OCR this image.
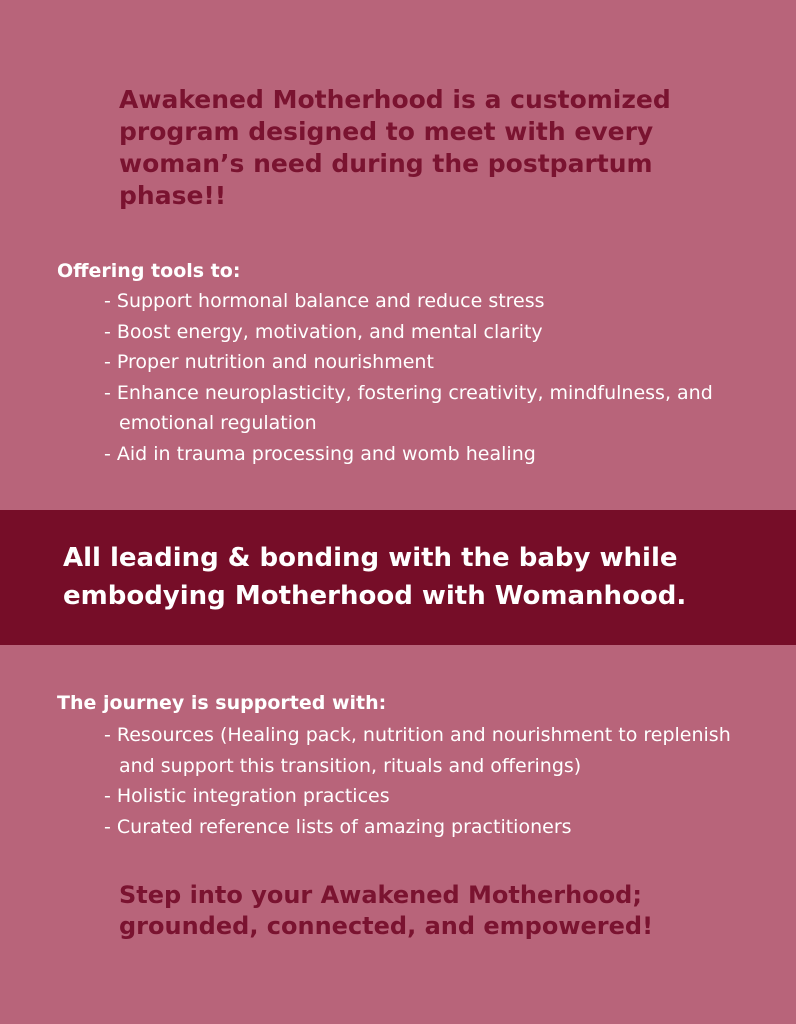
Awakened Motherhood is a customized program designed to meet with every woman’s need during the postpartum phase!!
Offering tools to:
- Support hormonal balance and reduce stress
- Boost energy, motivation, and mental clarity
- Proper nutrition and nourishment
- Enhance neuroplasticity, fostering creativity, mindfulness, and emotional regulation
- Aid in trauma processing and womb healing

All leading & bonding with the baby while embodying Motherhood with Womanhood.

The journey is supported with:
- Resources (Healing pack, nutrition and nourishment to replenish and support this transition, rituals and offerings)
- Holistic integration practices
- Curated reference lists of amazing practitioners

Step into your Awakened Motherhood; grounded, connected, and empowered!
